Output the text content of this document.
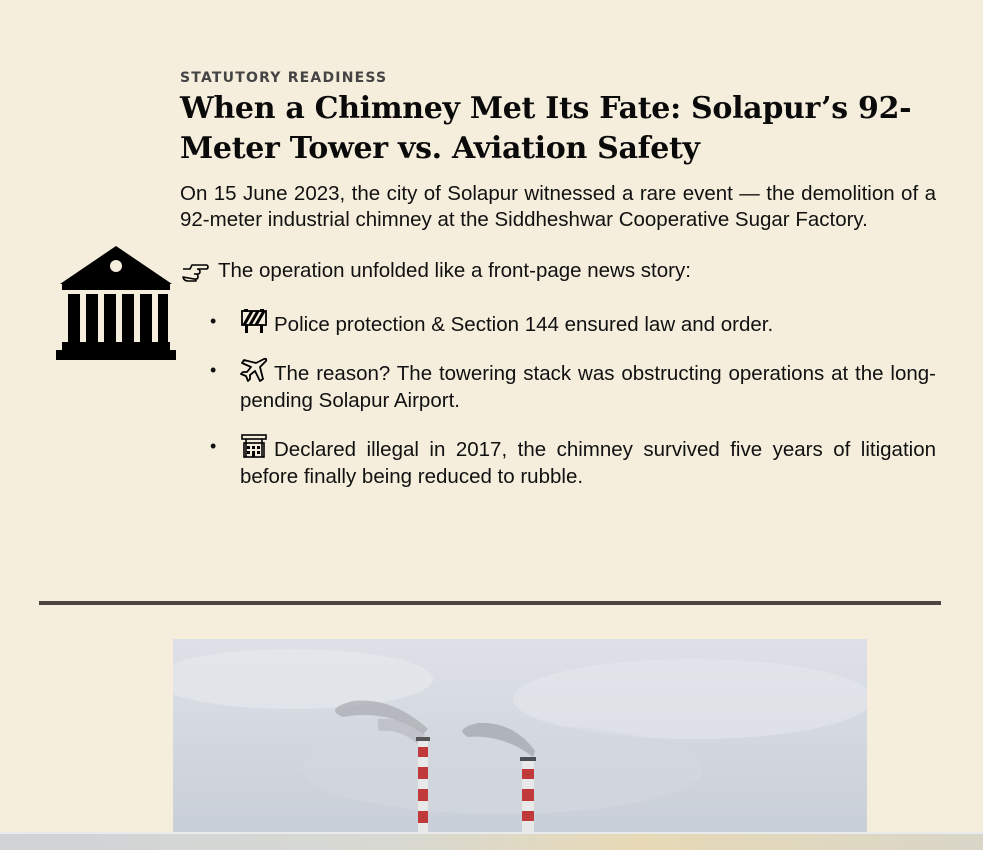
STATUTORY READINESS
When a Chimney Met Its Fate: Solapur’s 92-Meter Tower vs. Aviation Safety

On 15 June 2023, the city of Solapur witnessed a rare event — the demolition of a 92-meter industrial chimney at the Siddheshwar Cooperative Sugar Factory.

The operation unfolded like a front-page news story:

• Police protection & Section 144 ensured law and order.
• The reason? The towering stack was obstructing operations at the long-pending Solapur Airport.
• Declared illegal in 2017, the chimney survived five years of litigation before finally being reduced to rubble.
